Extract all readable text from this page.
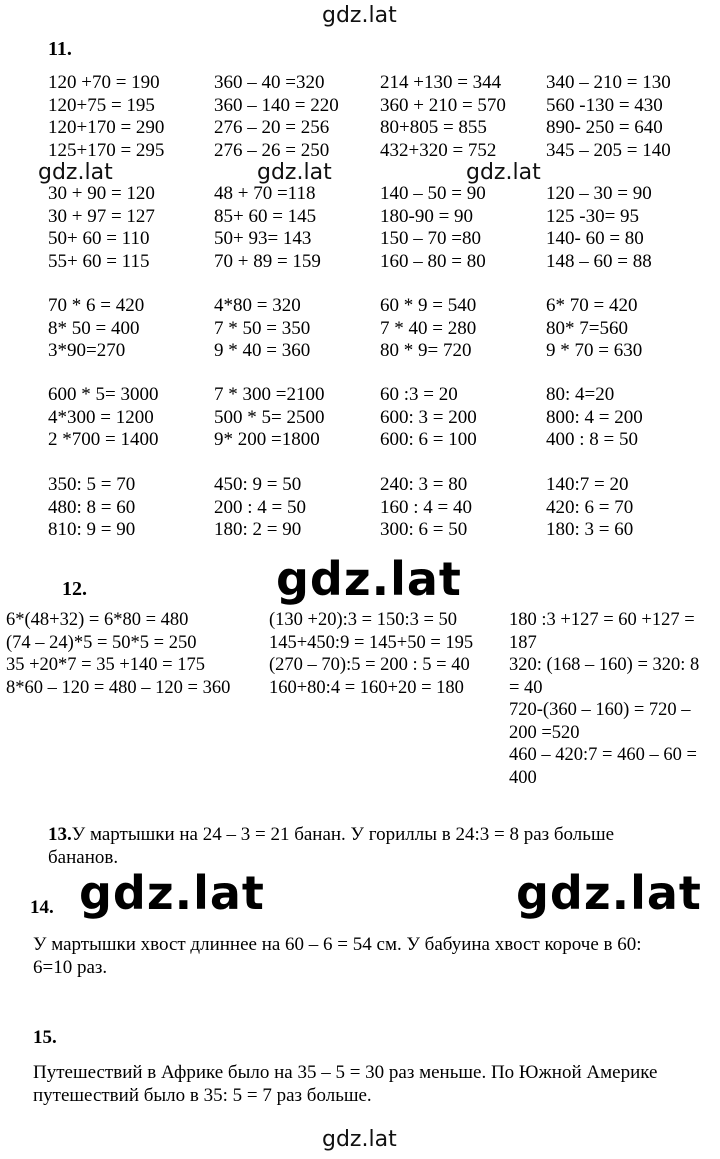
gdz.lat
gdz.lat	gdz.lat	gdz.lat
gdz.lat
gdz.lat	gdz.lat
gdz.lat
11.
120 +70 = 190
120+75 = 195
120+170 = 290
125+170 = 295
360 – 40 =320
360 – 140 = 220
276 – 20 = 256
276 – 26 = 250
214 +130 = 344
360 + 210 = 570
80+805 = 855
432+320 = 752
340 – 210 = 130
560 -130 = 430
890- 250 = 640
345 – 205 = 140
30 + 90 = 120
30 + 97 = 127
50+ 60 = 110
55+ 60 = 115
48 + 70 =118
85+ 60 = 145
50+ 93= 143
70 + 89 = 159
140 – 50 = 90
180-90 = 90
150 – 70 =80
160 – 80 = 80
120 – 30 = 90
125 -30= 95
140- 60 = 80
148 – 60 = 88
70 * 6 = 420
8* 50 = 400
3*90=270
4*80 = 320
7 * 50 = 350
9 * 40 = 360
60 * 9 = 540
7 * 40 = 280
80 * 9= 720
6* 70 = 420
80* 7=560
9 * 70 = 630
600 * 5= 3000
4*300 = 1200
2 *700 = 1400
7 * 300 =2100
500 * 5= 2500
9* 200 =1800
60 :3 = 20
600: 3 = 200
600: 6 = 100
80: 4=20
800: 4 = 200
400 : 8 = 50
350: 5 = 70
480: 8 = 60
810: 9 = 90
450: 9 = 50
200 : 4 = 50
180: 2 = 90
240: 3 = 80
160 : 4 = 40
300: 6 = 50
140:7 = 20
420: 6 = 70
180: 3 = 60
12.
6*(48+32) = 6*80 = 480
(74 – 24)*5 = 50*5 = 250
35 +20*7 = 35 +140 = 175
8*60 – 120 = 480 – 120 = 360
(130 +20):3 = 150:3 = 50
145+450:9 = 145+50 = 195
(270 – 70):5 = 200 : 5 = 40
160+80:4 = 160+20 = 180
180 :3 +127 = 60 +127 =
187
320: (168 – 160) = 320: 8
= 40
720-(360 – 160) = 720 –
200 =520
460 – 420:7 = 460 – 60 =
400
13.У мартышки на 24 – 3 = 21 банан. У гориллы в 24:3 = 8 раз больше
бананов.
14.
У мартышки хвост длиннее на 60 – 6 = 54 см. У бабуина хвост короче в 60:
6=10 раз.
15.
Путешествий в Африке было на 35 – 5 = 30 раз меньше. По Южной Америке
путешествий было в 35: 5 = 7 раз больше.
